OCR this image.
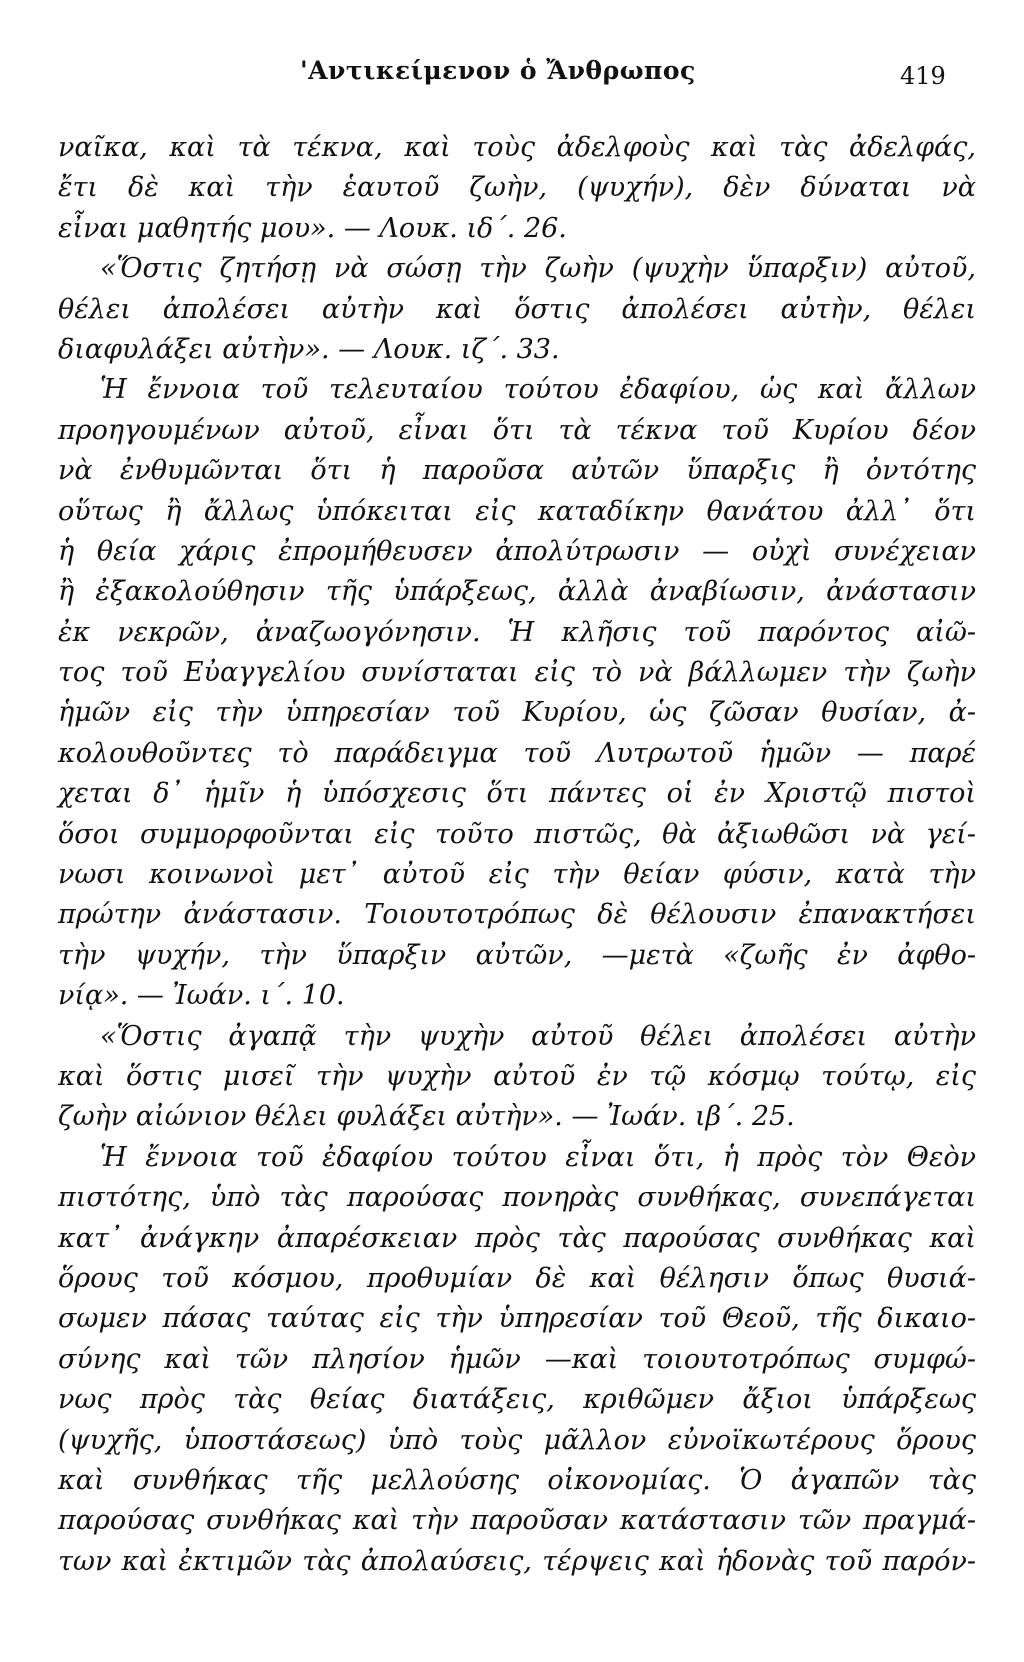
'Αντικείμενον ὁ Ἄνθρωπος	419
ναῖκα, καὶ τὰ τέκνα, καὶ τοὺς ἀδελφοὺς καὶ τὰς ἀδελφάς,
ἔτι δὲ καὶ τὴν ἑαυτοῦ ζωὴν, (ψυχήν), δὲν δύναται νὰ
εἶναι μαθητής μου». — Λουκ. ιδ΄. 26.
«Ὅστις ζητήσῃ νὰ σώσῃ τὴν ζωὴν (ψυχὴν ὕπαρξιν) αὐτοῦ,
θέλει ἀπολέσει αὐτὴν καὶ ὅστις ἀπολέσει αὐτὴν, θέλει
διαφυλάξει αὐτὴν». — Λουκ. ιζ΄. 33.
Ἡ ἔννοια τοῦ τελευταίου τούτου ἐδαφίου, ὡς καὶ ἄλλων
προηγουμένων αὐτοῦ, εἶναι ὅτι τὰ τέκνα τοῦ Κυρίου δέον
νὰ ἐνθυμῶνται ὅτι ἡ παροῦσα αὐτῶν ὕπαρξις ἢ ὀντότης
οὕτως ἢ ἄλλως ὑπόκειται εἰς καταδίκην θανάτου ἀλλ᾽ ὅτι
ἡ θεία χάρις ἐπρομήθευσεν ἀπολύτρωσιν — οὐχὶ συνέχειαν
ἢ ἐξακολούθησιν τῆς ὑπάρξεως, ἀλλὰ ἀναβίωσιν, ἀνάστασιν
ἐκ νεκρῶν, ἀναζωογόνησιν. Ἡ κλῆσις τοῦ παρόντος αἰῶ-
τος τοῦ Εὐαγγελίου συνίσταται εἰς τὸ νὰ βάλλωμεν τὴν ζωὴν
ἡμῶν εἰς τὴν ὑπηρεσίαν τοῦ Κυρίου, ὡς ζῶσαν θυσίαν, ἀ-
κολουθοῦντες τὸ παράδειγμα τοῦ Λυτρωτοῦ ἡμῶν — παρέ
χεται δ᾽ ἡμῖν ἡ ὑπόσχεσις ὅτι πάντες οἱ ἐν Χριστῷ πιστοὶ
ὅσοι συμμορφοῦνται εἰς τοῦτο πιστῶς, θὰ ἀξιωθῶσι νὰ γεί-
νωσι κοινωνοὶ μετ᾽ αὐτοῦ εἰς τὴν θείαν φύσιν, κατὰ τὴν
πρώτην ἀνάστασιν. Τοιουτοτρόπως δὲ θέλουσιν ἐπανακτήσει
τὴν ψυχήν, τὴν ὕπαρξιν αὐτῶν, —μετὰ «ζωῆς ἐν ἀφθο-
νίᾳ». — Ἰωάν. ι΄. 10.
«Ὅστις ἀγαπᾷ τὴν ψυχὴν αὐτοῦ θέλει ἀπολέσει αὐτὴν
καὶ ὅστις μισεῖ τὴν ψυχὴν αὐτοῦ ἐν τῷ κόσμῳ τούτῳ, εἰς
ζωὴν αἰώνιον θέλει φυλάξει αὐτὴν». — Ἰωάν. ιβ΄. 25.
Ἡ ἔννοια τοῦ ἐδαφίου τούτου εἶναι ὅτι, ἡ πρὸς τὸν Θεὸν
πιστότης, ὑπὸ τὰς παρούσας πονηρὰς συνθήκας, συνεπάγεται
κατ᾽ ἀνάγκην ἀπαρέσκειαν πρὸς τὰς παρούσας συνθήκας καὶ
ὅρους τοῦ κόσμου, προθυμίαν δὲ καὶ θέλησιν ὅπως θυσιά-
σωμεν πάσας ταύτας εἰς τὴν ὑπηρεσίαν τοῦ Θεοῦ, τῆς δικαιο-
σύνης καὶ τῶν πλησίον ἡμῶν —καὶ τοιουτοτρόπως συμφώ-
νως πρὸς τὰς θείας διατάξεις, κριθῶμεν ἄξιοι ὑπάρξεως
(ψυχῆς, ὑποστάσεως) ὑπὸ τοὺς μᾶλλον εὐνοϊκωτέρους ὅρους
καὶ συνθήκας τῆς μελλούσης οἰκονομίας. Ὁ ἀγαπῶν τὰς
παρούσας συνθήκας καὶ τὴν παροῦσαν κατάστασιν τῶν πραγμά-
των καὶ ἐκτιμῶν τὰς ἀπολαύσεις, τέρψεις καὶ ἡδονὰς τοῦ παρόν-
